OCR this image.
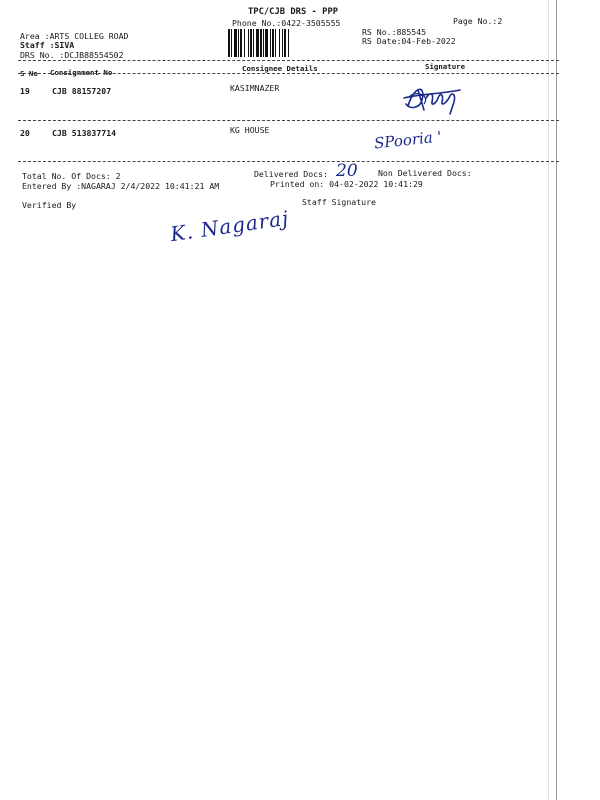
TPC/CJB DRS - PPP
Phone No.:0422-3505555	Page No.:2
Area :ARTS COLLEG ROAD
Staff :SIVA
DRS No. :DCJB88554502
RS No.:885545
RS Date:04-Feb-2022
S No Consignment No	Consignee Details	Signature
19	CJB 88157207	KASIMNAZER
20	CJB 513837714	KG HOUSE	SPooria '
Total No. Of Docs: 2	Delivered Docs: 20 Non Delivered Docs:
Entered By :NAGARAJ 2/4/2022 10:41:21 AM	Printed on: 04-02-2022 10:41:29
Verified By	Staff Signature
K. Nagaraj
